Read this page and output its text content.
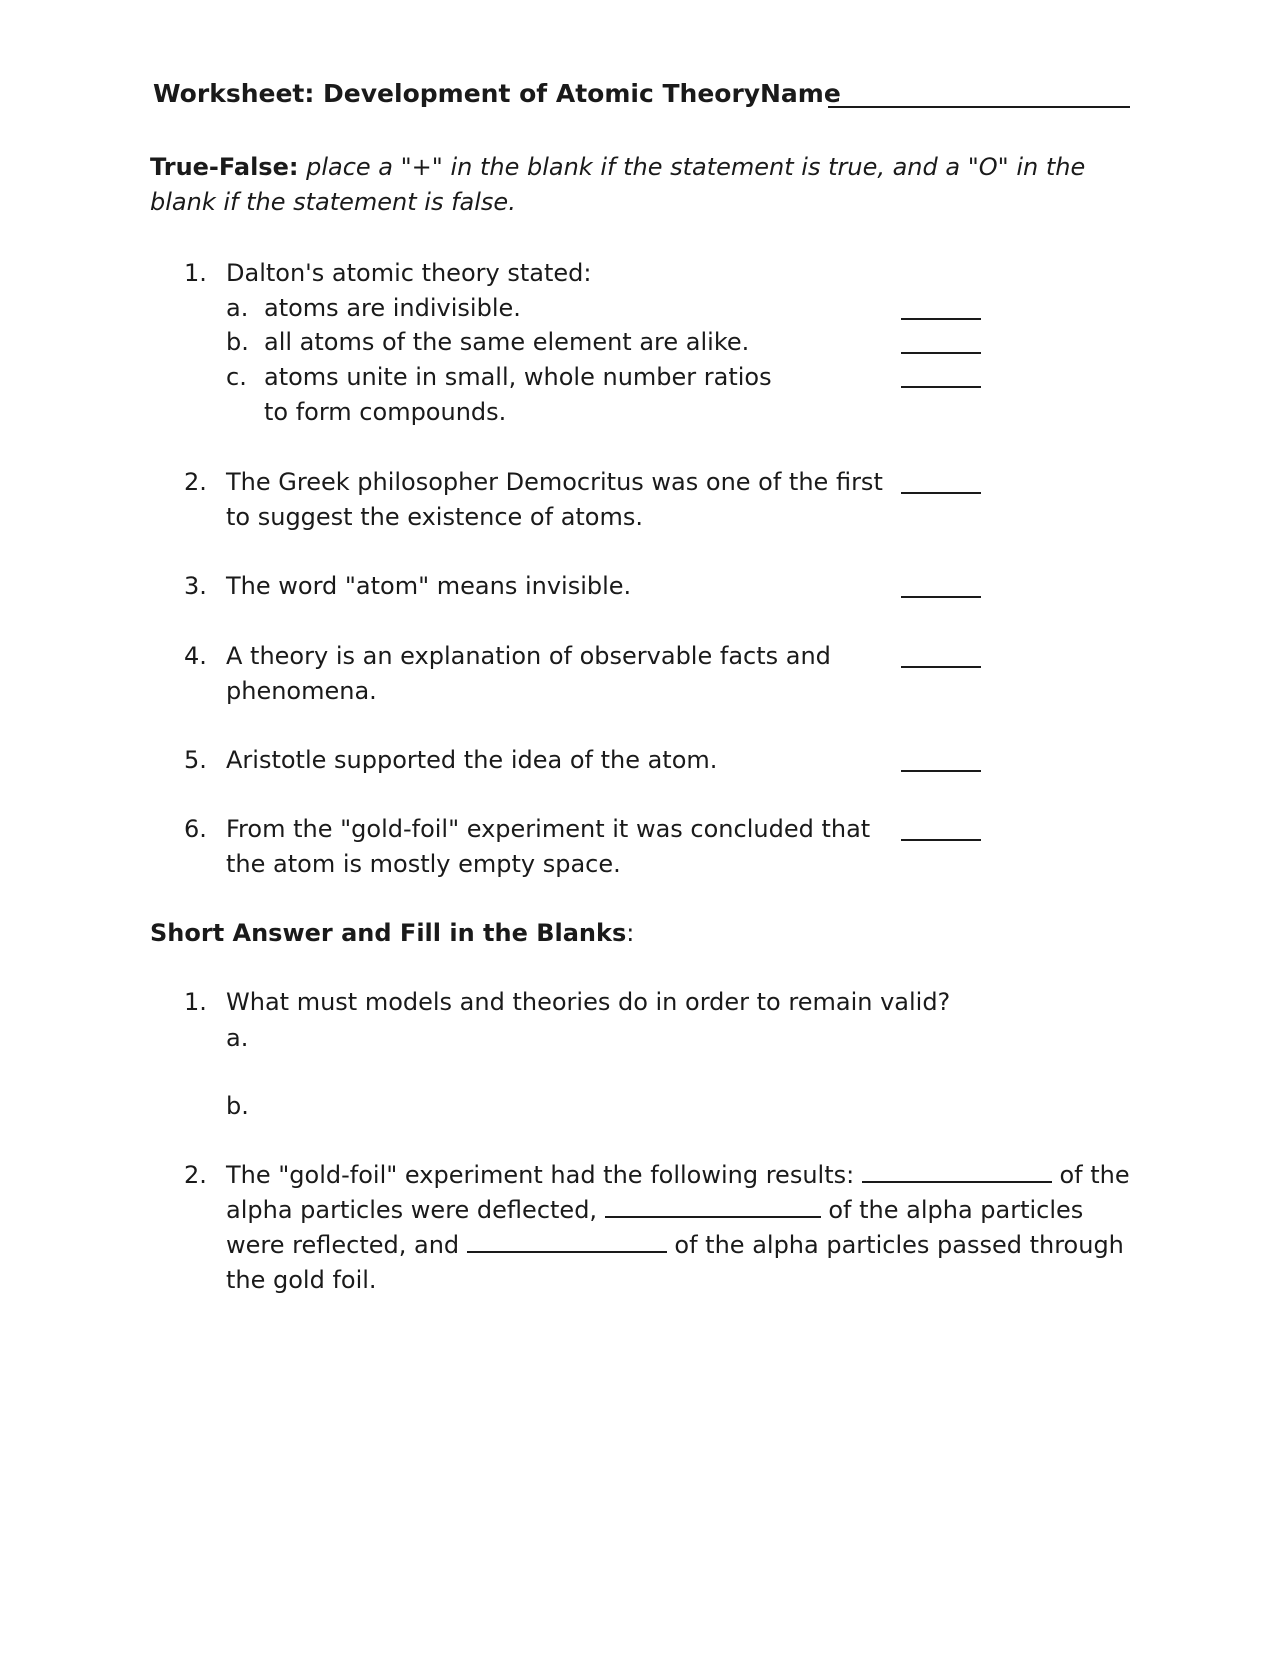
Worksheet: Development of Atomic Theory Name
True-False: place a "+" in the blank if the statement is true, and a "O" in the blank if the statement is false.
1. Dalton's atomic theory stated:
a. atoms are indivisible.
b. all atoms of the same element are alike.
c. atoms unite in small, whole number ratios
to form compounds.
2. The Greek philosopher Democritus was one of the first
to suggest the existence of atoms.
3. The word "atom" means invisible.
4. A theory is an explanation of observable facts and
phenomena.
5. Aristotle supported the idea of the atom.
6. From the "gold-foil" experiment it was concluded that
the atom is mostly empty space.
Short Answer and Fill in the Blanks:
1. What must models and theories do in order to remain valid?
a.
b.
2. The "gold-foil" experiment had the following results:	of the
alpha particles were deflected,	of the alpha particles
were reflected, and	of the alpha particles passed through
the gold foil.
